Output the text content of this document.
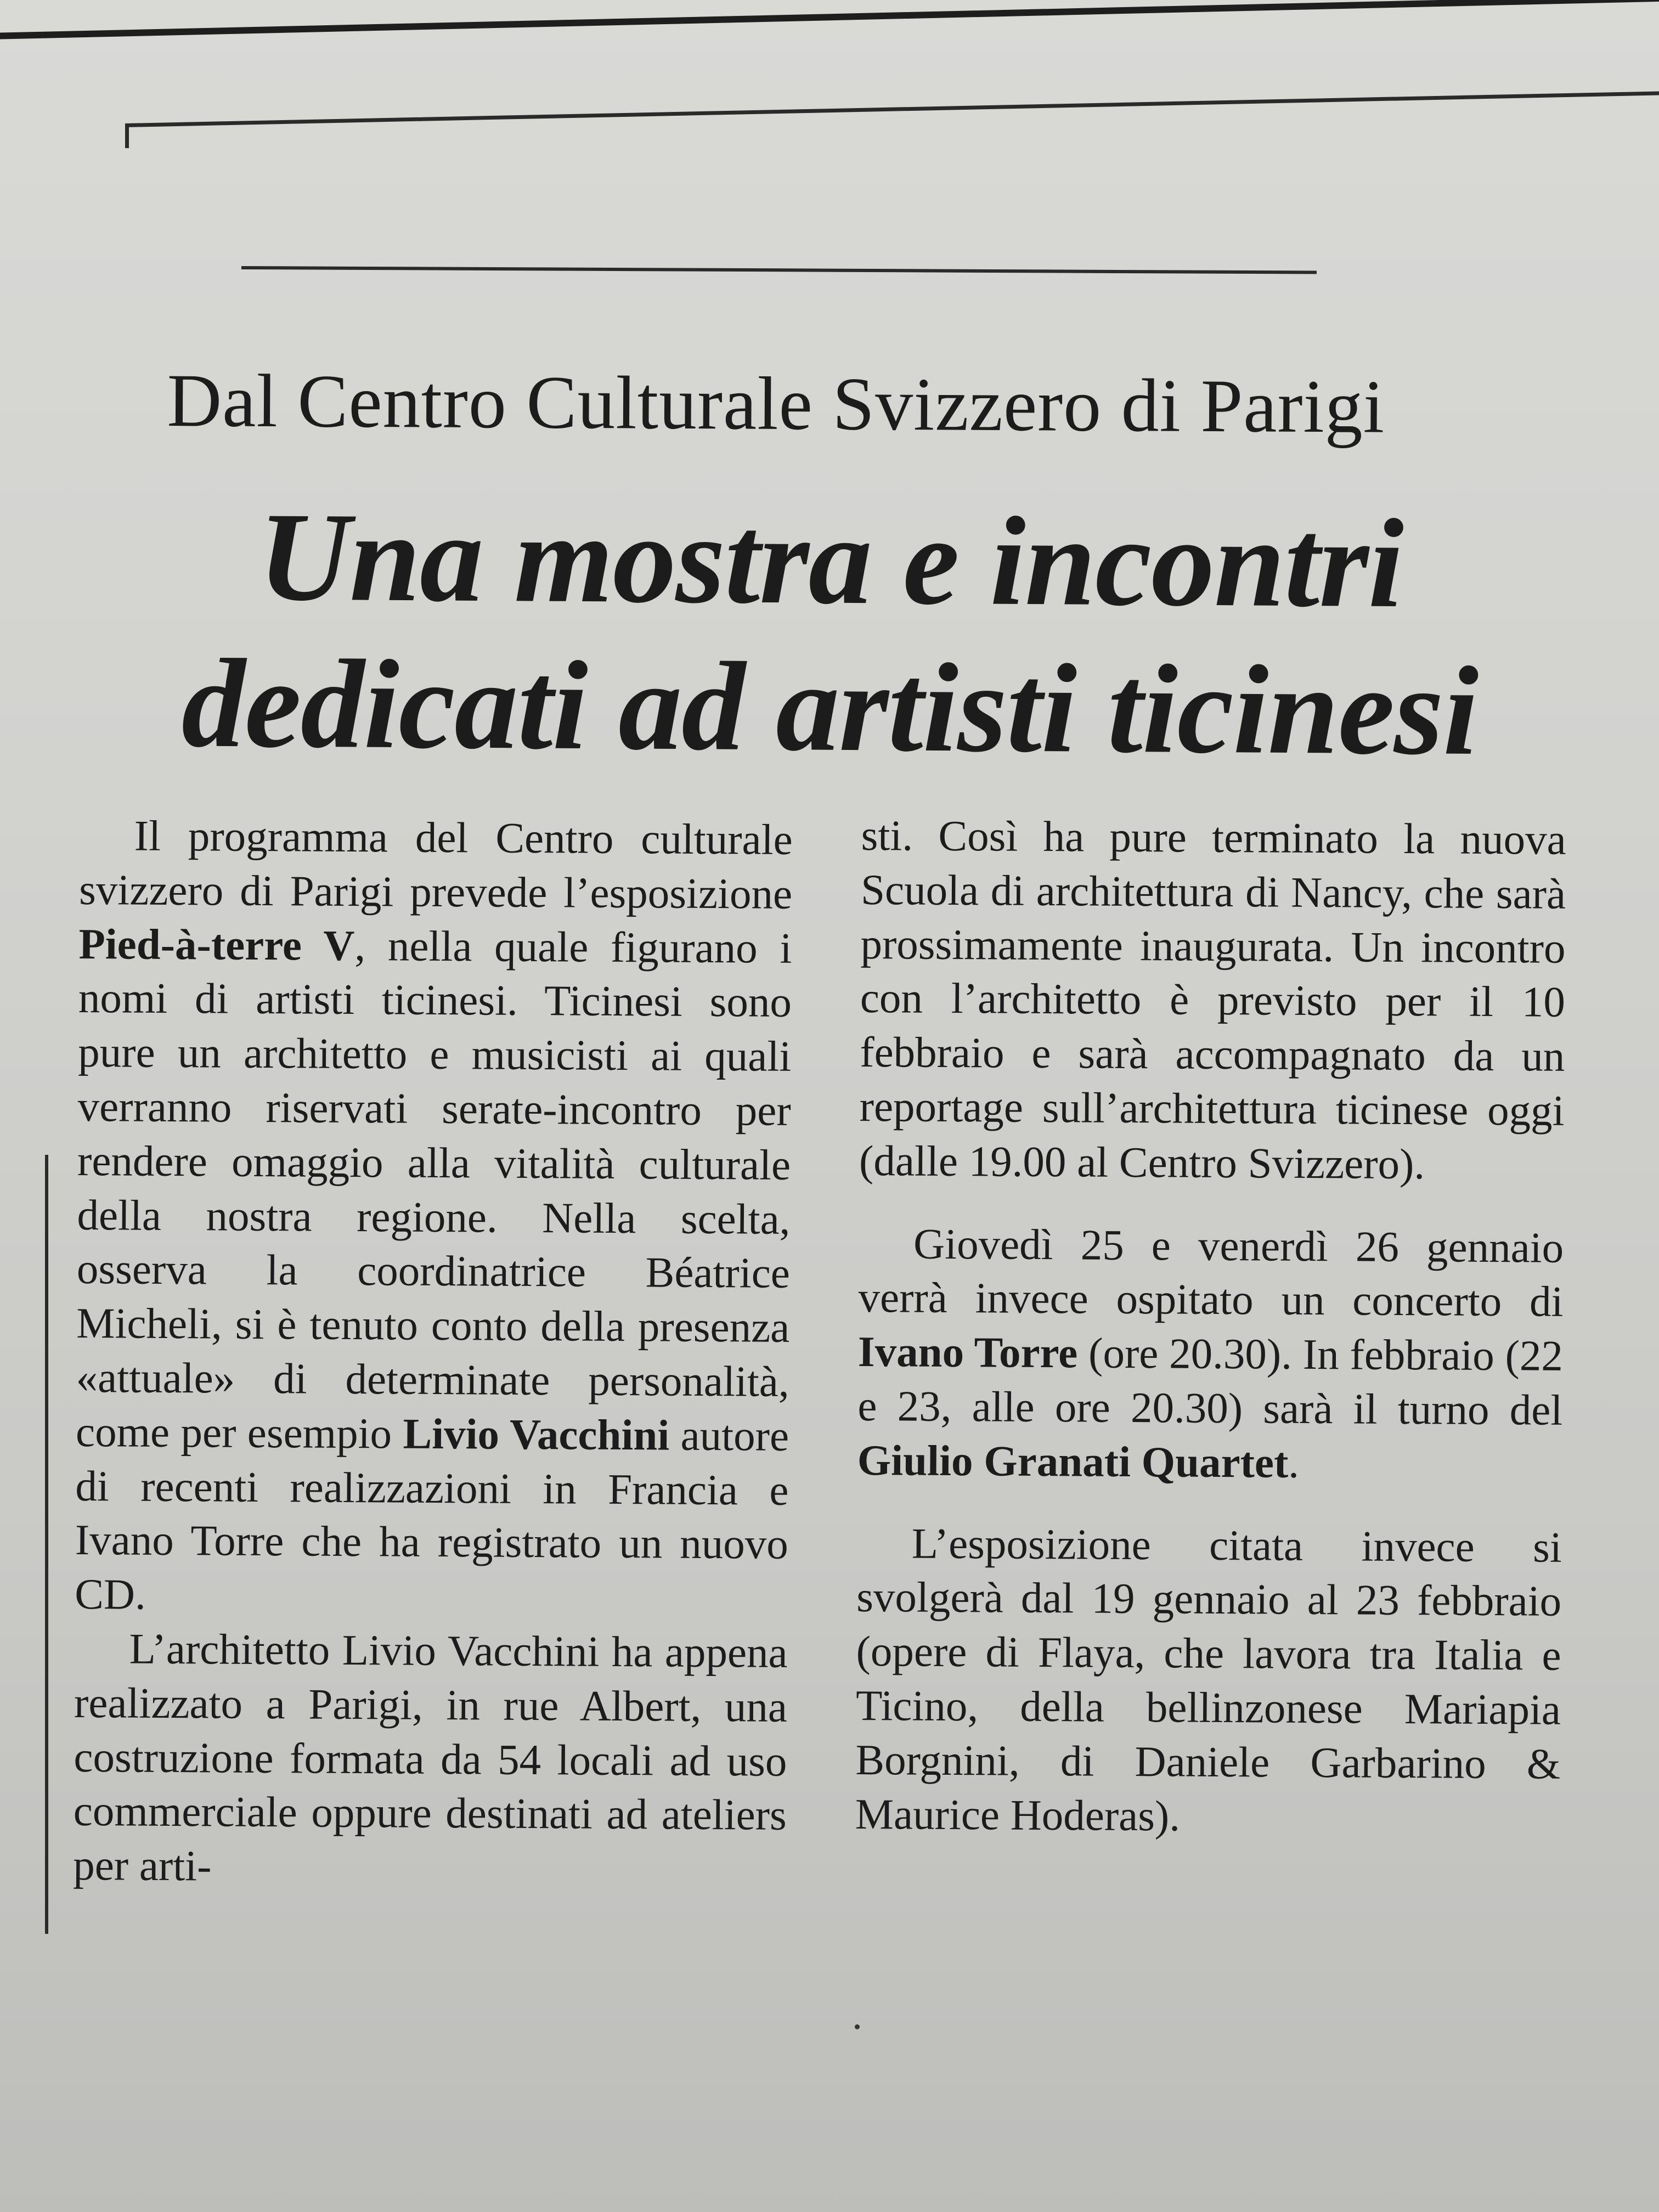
Dal Centro Culturale Svizzero di Parigi
Una mostra e incontri
dedicati ad artisti ticinesi

Il programma del Centro culturale svizzero di Parigi prevede l’esposizione Pied-à-terre V, nella quale figurano i nomi di artisti ticinesi. Ticinesi sono pure un architetto e musicisti ai quali verranno riservati serate-incontro per rendere omaggio alla vitalità culturale della nostra regione. Nella scelta, osserva la coordinatrice Béatrice Micheli, si è tenuto conto della presenza «attuale» di determinate personalità, come per esempio Livio Vacchini autore di recenti realizzazioni in Francia e Ivano Torre che ha registrato un nuovo CD.

L’architetto Livio Vacchini ha appena realizzato a Parigi, in rue Albert, una costruzione formata da 54 locali ad uso commerciale oppure destinati ad ateliers per arti-

sti. Così ha pure terminato la nuova Scuola di architettura di Nancy, che sarà prossimamente inaugurata. Un incontro con l’architetto è previsto per il 10 febbraio e sarà accompagnato da un reportage sull’architettura ticinese oggi (dalle 19.00 al Centro Svizzero).

Giovedì 25 e venerdì 26 gennaio verrà invece ospitato un concerto di Ivano Torre (ore 20.30). In febbraio (22 e 23, alle ore 20.30) sarà il turno del Giulio Granati Quartet.

L’esposizione citata invece si svolgerà dal 19 gennaio al 23 febbraio (opere di Flaya, che lavora tra Italia e Ticino, della bellinzonese Mariapia Borgnini, di Daniele Garbarino & Maurice Hoderas).
